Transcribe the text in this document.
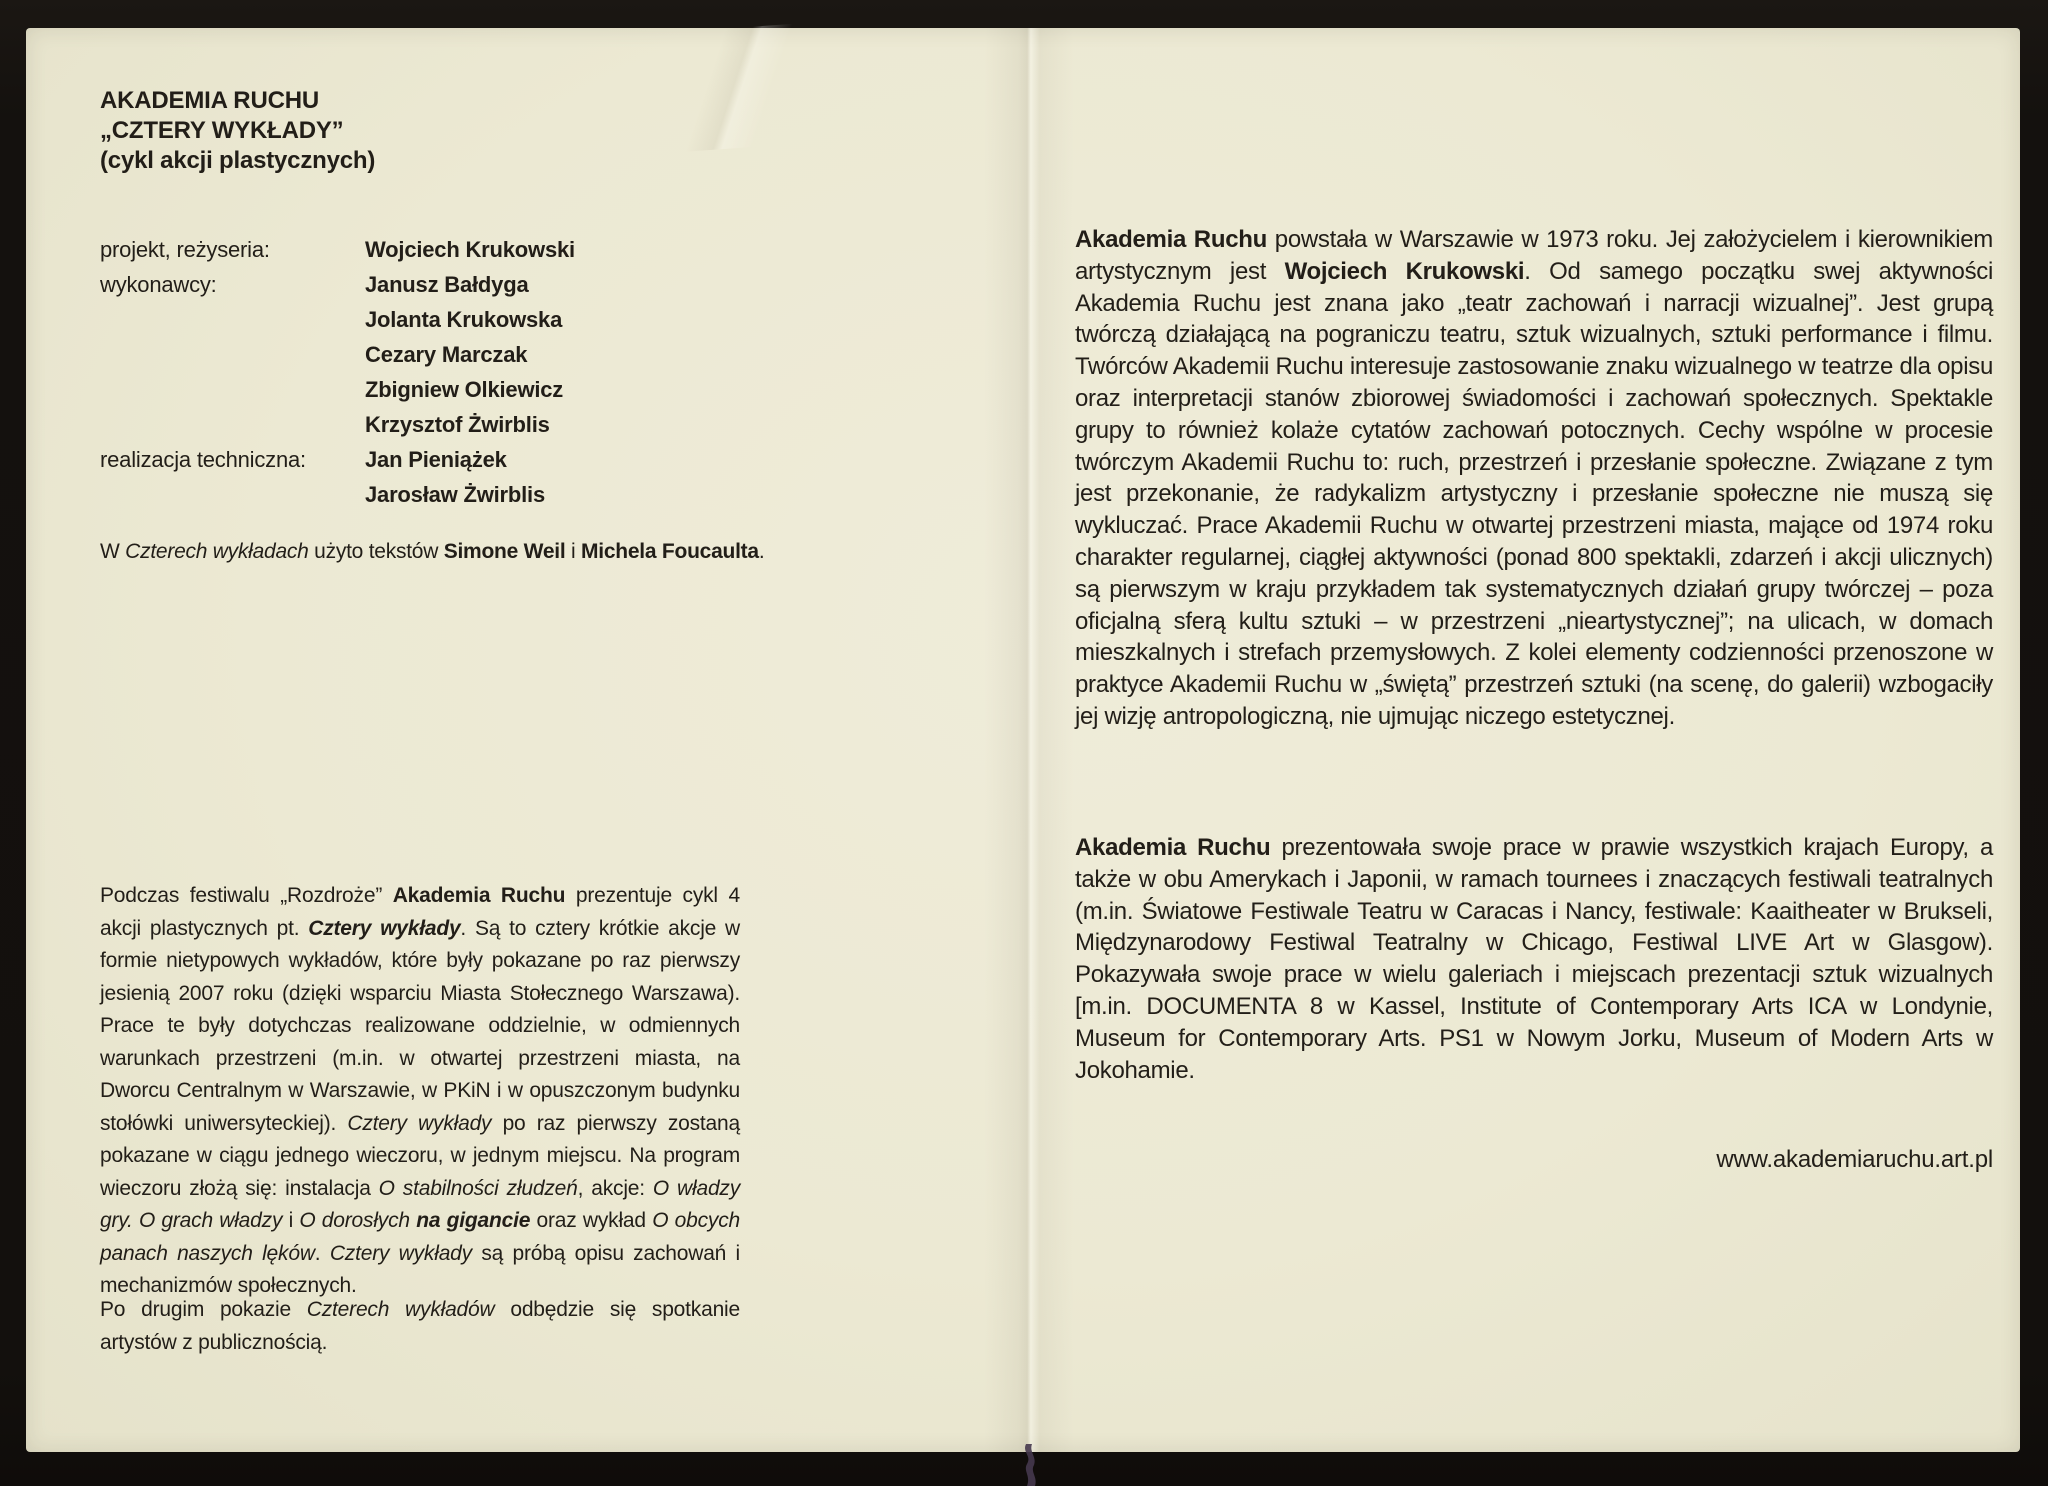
AKADEMIA RUCHU
„CZTERY WYKŁADY”
(cykl akcji plastycznych)
projekt, reżyseria:	Wojciech Krukowski
wykonawcy:	Janusz Bałdyga
Jolanta Krukowska
Cezary Marczak
Zbigniew Olkiewicz
Krzysztof Żwirblis
realizacja techniczna:	Jan Pieniążek
Jarosław Żwirblis

W Czterech wykładach użyto tekstów Simone Weil i Michela Foucaulta.

Podczas festiwalu „Rozdroże” Akademia Ruchu prezentuje cykl 4 akcji plastycznych pt. Cztery wykłady. Są to cztery krótkie akcje w formie nietypowych wykładów, które były pokazane po raz pierwszy jesienią 2007 roku (dzięki wsparciu Miasta Stołecznego Warszawa). Prace te były dotychczas realizowane oddzielnie, w odmiennych warunkach przestrzeni (m.in. w otwartej przestrzeni miasta, na Dworcu Centralnym w Warszawie, w PKiN i w opuszczonym budynku stołówki uniwersyteckiej). Cztery wykłady po raz pierwszy zostaną pokazane w ciągu jednego wieczoru, w jednym miejscu. Na program wieczoru złożą się: instalacja O stabilności złudzeń, akcje: O władzy gry. O grach władzy i O dorosłych na gigancie oraz wykład O obcych panach naszych lęków. Cztery wykłady są próbą opisu zachowań i mechanizmów społecznych.

Po drugim pokazie Czterech wykładów odbędzie się spotkanie artystów z publicznością.

Akademia Ruchu powstała w Warszawie w 1973 roku. Jej założycielem i kierownikiem artystycznym jest Wojciech Krukowski. Od samego początku swej aktywności Akademia Ruchu jest znana jako „teatr zachowań i narracji wizualnej”. Jest grupą twórczą działającą na pograniczu teatru, sztuk wizualnych, sztuki performance i filmu. Twórców Akademii Ruchu interesuje zastosowanie znaku wizualnego w teatrze dla opisu oraz interpretacji stanów zbiorowej świadomości i zachowań społecznych. Spektakle grupy to również kolaże cytatów zachowań potocznych. Cechy wspólne w procesie twórczym Akademii Ruchu to: ruch, przestrzeń i przesłanie społeczne. Związane z tym jest przekonanie, że radykalizm artystyczny i przesłanie społeczne nie muszą się wykluczać. Prace Akademii Ruchu w otwartej przestrzeni miasta, mające od 1974 roku charakter regularnej, ciągłej aktywności (ponad 800 spektakli, zdarzeń i akcji ulicznych) są pierwszym w kraju przykładem tak systematycznych działań grupy twórczej – poza oficjalną sferą kultu sztuki – w przestrzeni „nieartystycznej”; na ulicach, w domach mieszkalnych i strefach przemysłowych. Z kolei elementy codzienności przenoszone w praktyce Akademii Ruchu w „świętą” przestrzeń sztuki (na scenę, do galerii) wzbogaciły jej wizję antropologiczną, nie ujmując niczego estetycznej.

Akademia Ruchu prezentowała swoje prace w prawie wszystkich krajach Europy, a także w obu Amerykach i Japonii, w ramach tournees i znaczących festiwali teatralnych (m.in. Światowe Festiwale Teatru w Caracas i Nancy, festiwale: Kaaitheater w Brukseli, Międzynarodowy Festiwal Teatralny w Chicago, Festiwal LIVE Art w Glasgow). Pokazywała swoje prace w wielu galeriach i miejscach prezentacji sztuk wizualnych [m.in. DOCUMENTA 8 w Kassel, Institute of Contemporary Arts ICA w Londynie, Museum for Contemporary Arts. PS1 w Nowym Jorku, Museum of Modern Arts w Jokohamie.

www.akademiaruchu.art.pl
